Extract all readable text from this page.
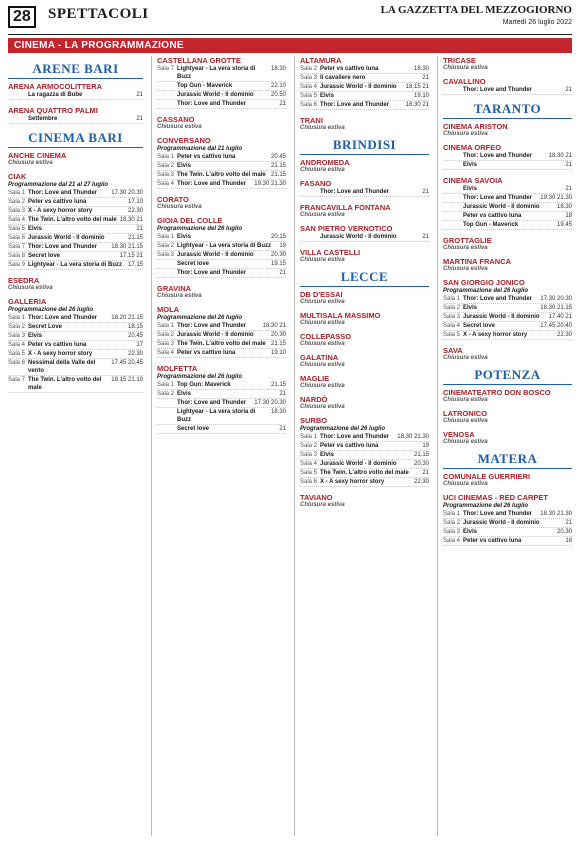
28	SPETTACOLI	LA GAZZETTA DEL MEZZOGIORNO
Martedì 26 luglio 2022
CINEMA - LA PROGRAMMAZIONE
ARENE BARI
ARENA ARMOCOLITTERA
La ragazza di Bube	21
ARENA QUATTRO PALMI
Settembre	21
CINEMA BARI
ANCHE CINEMA
Chiusura estiva
CIAK
Programmazione dal 21 al 27 luglio
Sala 1 Thor: Love and Thunder	17.30 20.30
Sala 2 Peter vs cattivo luna	17.10
Sala 3 X - A sexy horror story	22.30
Sala 4 The Twin. L'altro volto del male 18.30 21
Sala 5 Elvis	21
Sala 6 Jurassic World - Il dominio	21.15
Sala 7 Thor: Love and Thunder	18.30 21.15
Sala 8 Secret love	17.15 21
Sala 9 Lightyear - La vera storia di Buzz 17.15
ESEDRA
Chiusura estiva
GALLERIA
Programmazione del 26 luglio
Sala 1 Thor: Love and Thunder	18.20 21.15
Sala 2 Secret Love	18.15
Sala 3 Elvis	20.45
Sala 4 Peter vs cattivo luna	17
Sala 5 X - A sexy horror story	22.30
Sala 6 Nessimal della Valle del vento
17.45 20.45
Sala 7 The Twin. L'altro volto del male
18.15 21.10
CASTELLANA GROTTE
Sala 7 Lightyear - La vera storia di Buzz
18.30
Top Gun - Maverick	22.10
Jurassic World - Il dominio	20.50
Thor: Love and Thunder	21
CASSANO
Chiusura estiva
CONVERSANO
Programmazione dal 21 luglio
Sala 1 Peter vs cattivo luna	20.45
Sala 2 Elvis	21.15
Sala 3 The Twin. L'altro volto del male 21.15
Sala 4 Thor: Love and Thunder	19.30 21.30
CORATO
Chiusura estiva
GIOIA DEL COLLE
Programmazione del 26 luglio
Sala 1 Elvis	20.15
Sala 2 Lightyear - La vera storia di Buzz	19
Sala 3 Jurassic World - Il dominio	20.30
Secret love	19.15
Thor: Love and Thunder	21
GRAVINA
Chiusura estiva
MOLA
Programmazione del 26 luglio
Sala 1 Thor: Love and Thunder	18.30 21
Sala 2 Jurassic World - Il dominio	20.30
Sala 3 The Twin. L'altro volto del male 21.15
Sala 4 Peter vs cattivo luna	19.10
MOLFETTA
Programmazione del 26 luglio
Sala 1 Top Gun: Maverick	21.15
Sala 2 Elvis	21
Thor: Love and Thunder	17.30 20.30
Lightyear - La vera storia di Buzz
18.30
Secret love	21
ALTAMURA
Sala 2 Peter vs cattivo luna	18.30
Sala 3 Il cavaliere nero	21
Sala 4 Jurassic World - Il dominio	18.15 21
Sala 5 Elvis	19.10
Sala 6 Thor: Love and Thunder	18.30 21
TRANI
Chiusura estiva
BRINDISI
ANDROMEDA
Chiusura estiva
FASANO
Thor: Love and Thunder	21
FRANCAVILLA FONTANA
Chiusura estiva
SAN PIETRO VERNOTICO
Jurassic World - Il dominio	21
VILLA CASTELLI
Chiusura estiva
LECCE
DB D'ESSAI
Chiusura estiva
MULTISALA MASSIMO
Chiusura estiva
COLLEPASSO
Chiusura estiva
GALATINA
Chiusura estiva
MAGLIE
Chiusura estiva
NARDÒ
Chiusura estiva
SURBO
Programmazione del 26 luglio
Sala 1 Thor: Love and Thunder	18.30 21.30
Sala 2 Peter vs cattivo luna	19
Sala 3 Elvis	21.15
Sala 4 Jurassic World - Il dominio	20.30
Sala 5 The Twin. L'altro volto del male	21
Sala 6 X - A sexy horror story	22.30
TAVIANO
Chiusura estiva
TRICASE
Chiusura estiva
CAVALLINO
Thor: Love and Thunder	21
TARANTO
CINEMA ARISTON
Chiusura estiva
CINEMA ORFEO
Thor: Love and Thunder	18.30 21
Elvis	21
CINEMA SAVOIA
Elvis	21
Thor: Love and Thunder	19.30 21.30
Jurassic World - Il dominio	18.30
Peter vs cattivo luna	18
Top Gun - Maverick	19.45
GROTTAGLIE
Chiusura estiva
MARTINA FRANCA
Chiusura estiva
SAN GIORGIO JONICO
Programmazione del 26 luglio
Sala 1 Thor: Love and Thunder	17.30 20.30
Sala 2 Elvis	18.30 21.15
Sala 3 Jurassic World - Il dominio	17.40 21
Sala 4 Secret love	17.45 20.40
Sala 5 X - A sexy horror story	22.30
SAVA
Chiusura estiva
POTENZA
CINEMATEATRO DON BOSCO
Chiusura estiva
LATRONICO
Chiusura estiva
VENOSA
Chiusura estiva
MATERA
COMUNALE GUERRIERI
Chiusura estiva
UCI CINEMAS - RED CARPET
Programmazione del 26 luglio
Sala 1 Thor: Love and Thunder	18.30 21.30
Sala 2 Jurassic World - Il dominio	21
Sala 3 Elvis	20.30
Sala 4 Peter vs cattivo luna	18
